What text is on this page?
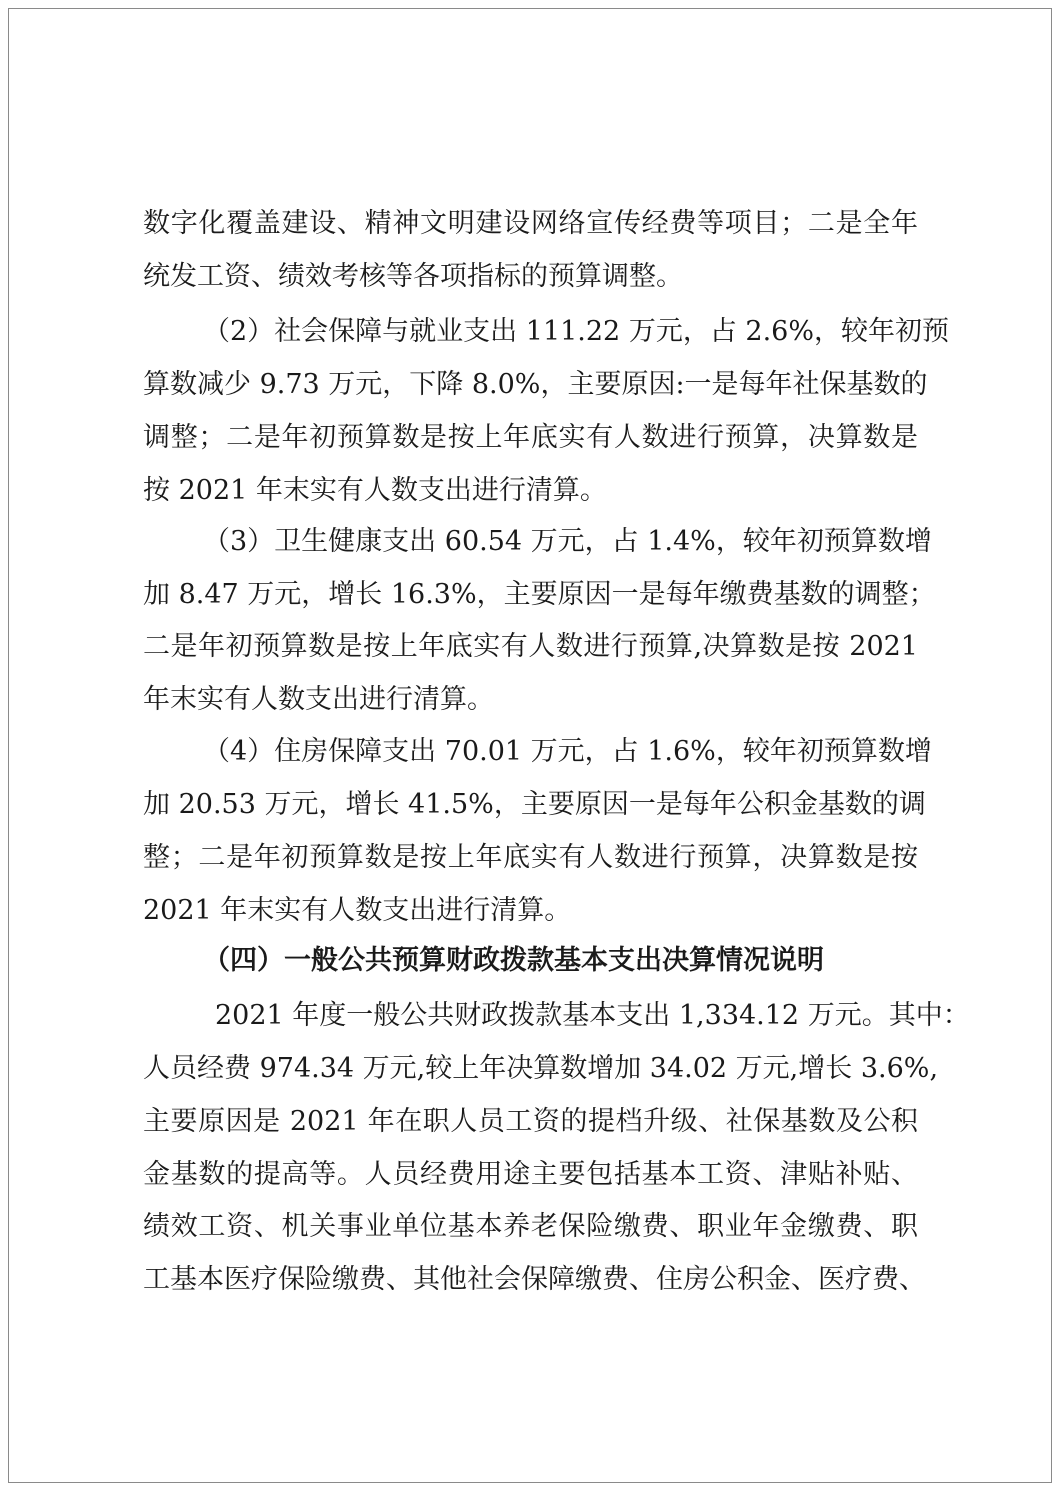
数字化覆盖建设、精神文明建设网络宣传经费等项目；二是全年
统发工资、绩效考核等各项指标的预算调整。
（2）社会保障与就业支出 111.22 万元，占 2.6%，较年初预
算数减少 9.73 万元，下降 8.0%，主要原因:一是每年社保基数的
调整；二是年初预算数是按上年底实有人数进行预算，决算数是
按 2021 年末实有人数支出进行清算。
（3）卫生健康支出 60.54 万元，占 1.4%，较年初预算数增
加 8.47 万元，增长 16.3%，主要原因一是每年缴费基数的调整；
二是年初预算数是按上年底实有人数进行预算,决算数是按 2021
年末实有人数支出进行清算。
（4）住房保障支出 70.01 万元，占 1.6%，较年初预算数增
加 20.53 万元，增长 41.5%，主要原因一是每年公积金基数的调
整；二是年初预算数是按上年底实有人数进行预算，决算数是按
2021 年末实有人数支出进行清算。
（四）一般公共预算财政拨款基本支出决算情况说明
2021 年度一般公共财政拨款基本支出 1,334.12 万元。其中：
人员经费 974.34 万元,较上年决算数增加 34.02 万元,增长 3.6%,
主要原因是 2021 年在职人员工资的提档升级、社保基数及公积
金基数的提高等。人员经费用途主要包括基本工资、津贴补贴、
绩效工资、机关事业单位基本养老保险缴费、职业年金缴费、职
工基本医疗保险缴费、其他社会保障缴费、住房公积金、医疗费、
